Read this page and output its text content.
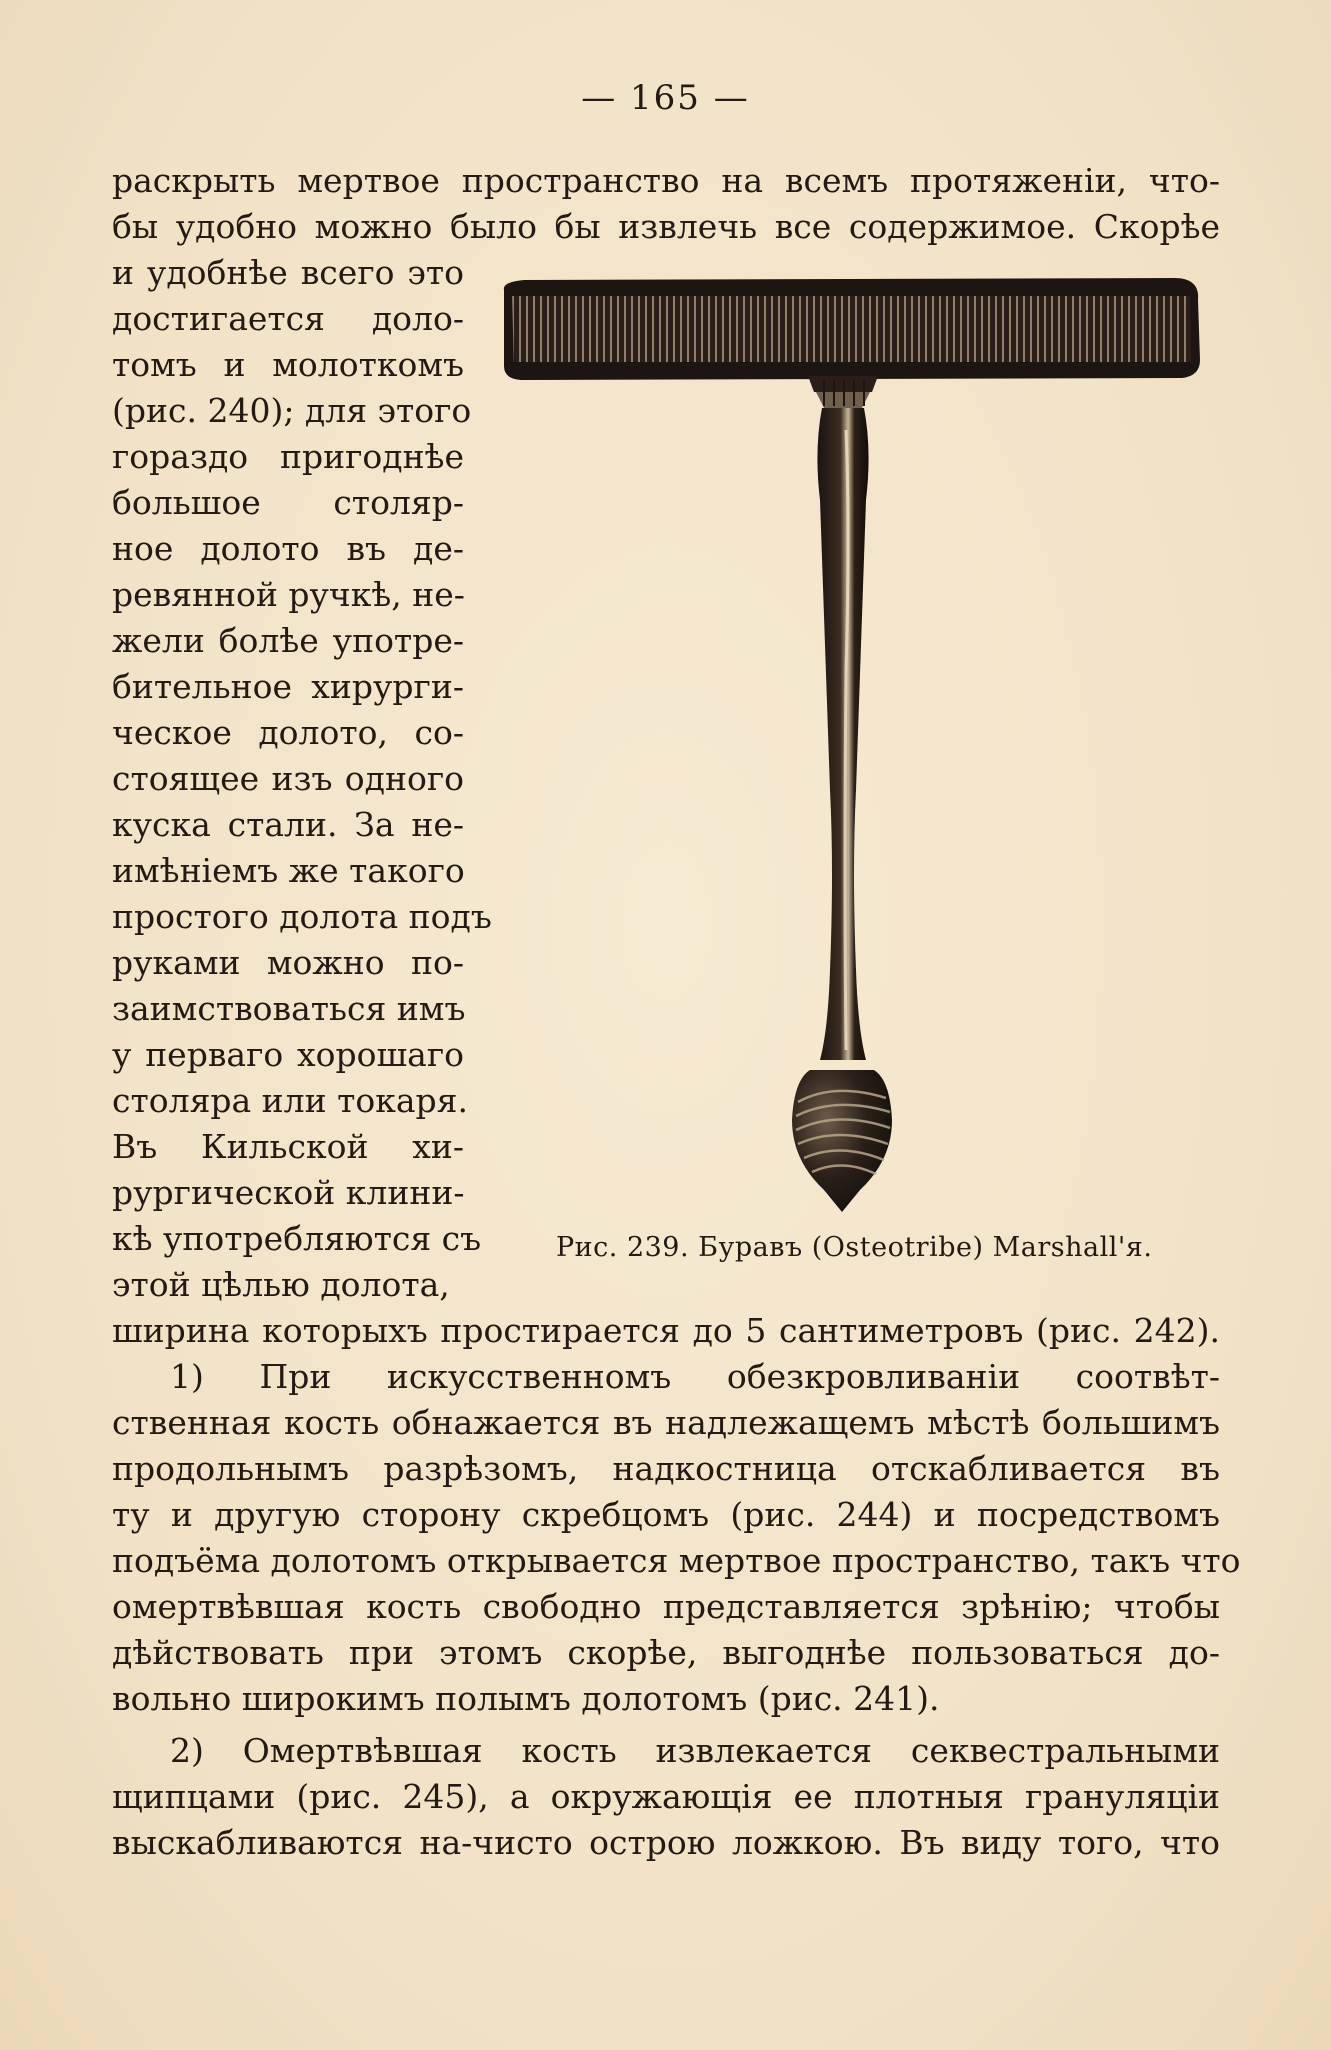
— 165 —
раскрыть мертвое пространство на всемъ протяженіи, что-
бы удобно можно было бы извлечь все содержимое. Скорѣе
и удобнѣе всего это
достигается долo-
томъ и молоткомъ
(рис. 240); для этого
гораздо пригоднѣе
большое столяр-
ное долото въ де-
ревянной ручкѣ, не-
жели болѣе употре-
бительное хирурги-
ческое долото, со-
стоящее изъ одного
куска стали. За не-
имѣніемъ же такого
простого долота подъ
руками можно по-
заимствоваться имъ
у перваго хорошаго
столяра или токаря.
Въ Кильской хи-
рургической клини-
кѣ употребляются съ
этой цѣлью долота,
Рис. 239. Буравъ (Osteotribe) Marshall'я.
ширина которыхъ простирается до 5 сантиметровъ (рис. 242).
1) При искусственномъ обезкровливаніи соотвѣт-
ственная кость обнажается въ надлежащемъ мѣстѣ большимъ
продольнымъ разрѣзомъ, надкостница отскабливается въ
ту и другую сторону скребцомъ (рис. 244) и посредствомъ
подъёма долотомъ открывается мертвое пространство, такъ что
омертвѣвшая кость свободно представляется зрѣнію; чтобы
дѣйствовать при этомъ скорѣе, выгоднѣе пользоваться до-
вольно широкимъ полымъ долотомъ (рис. 241).
2) Омертвѣвшая кость извлекается секвестральными
щипцами (рис. 245), а окружающія ее плотныя грануляціи
выскабливаются на-чисто острою ложкою. Въ виду того, что
